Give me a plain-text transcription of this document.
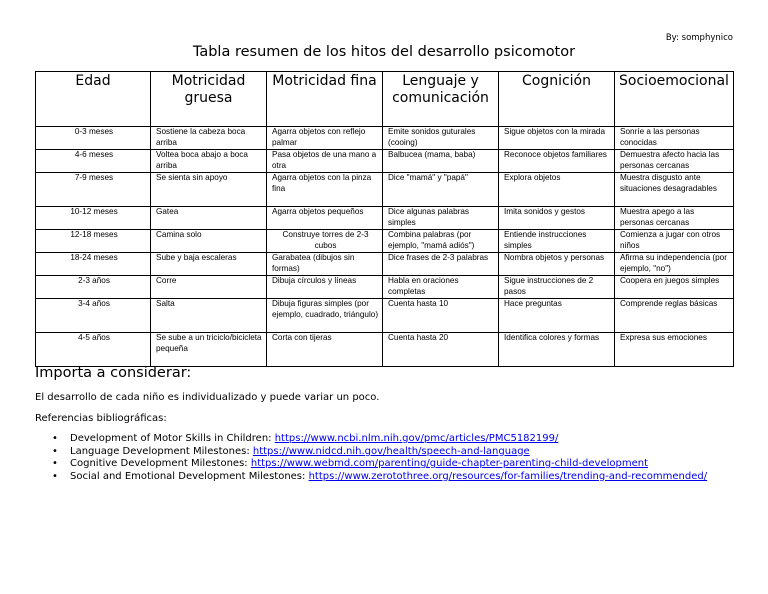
By: somphynico
Tabla resumen de los hitos del desarrollo psicomotor
Edad	Motricidad gruesa	Motricidad fina	Lenguaje y comunicación	Cognición	Socioemocional
0-3 meses	Sostiene la cabeza boca arriba	Agarra objetos con reflejo palmar	Emite sonidos guturales (cooing)	Sigue objetos con la mirada	Sonríe a las personas conocidas
4-6 meses	Voltea boca abajo a boca arriba	Pasa objetos de una mano a otra	Balbucea (mama, baba)	Reconoce objetos familiares	Demuestra afecto hacia las personas cercanas
7-9 meses	Se sienta sin apoyo	Agarra objetos con la pinza fina	Dice "mamá" y "papá"	Explora objetos	Muestra disgusto ante situaciones desagradables
10-12 meses	Gatea	Agarra objetos pequeños	Dice algunas palabras simples	Imita sonidos y gestos	Muestra apego a las personas cercanas
12-18 meses	Camina solo	Construye torres de 2-3 cubos	Combina palabras (por ejemplo, "mamá adiós")	Entiende instrucciones simples	Comienza a jugar con otros niños
18-24 meses	Sube y baja escaleras	Garabatea (dibujos sin formas)	Dice frases de 2-3 palabras	Nombra objetos y personas	Afirma su independencia (por ejemplo, "no")
2-3 años	Corre	Dibuja círculos y líneas	Habla en oraciones completas	Sigue instrucciones de 2 pasos	Coopera en juegos simples
3-4 años	Salta	Dibuja figuras simples (por ejemplo, cuadrado, triángulo)	Cuenta hasta 10	Hace preguntas	Comprende reglas básicas
4-5 años	Se sube a un triciclo/bicicleta pequeña	Corta con tijeras	Cuenta hasta 20	Identifica colores y formas	Expresa sus emociones
Importa a considerar:
El desarrollo de cada niño es individualizado y puede variar un poco.
Referencias bibliográficas:
• Development of Motor Skills in Children: https://www.ncbi.nlm.nih.gov/pmc/articles/PMC5182199/
• Language Development Milestones: https://www.nidcd.nih.gov/health/speech-and-language
• Cognitive Development Milestones: https://www.webmd.com/parenting/guide-chapter-parenting-child-development
• Social and Emotional Development Milestones: https://www.zerotothree.org/resources/for-families/trending-and-recommended/
